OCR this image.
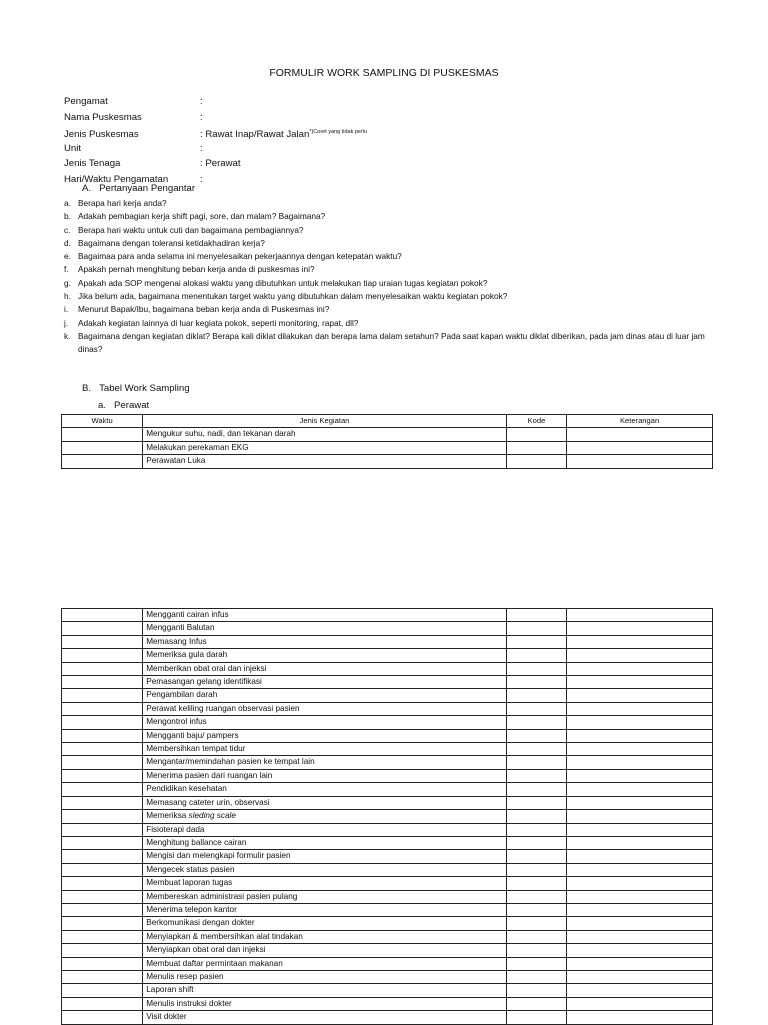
FORMULIR WORK SAMPLING DI PUSKESMAS
Pengamat	:
Nama Puskesmas	:
Jenis Puskesmas	: Rawat Inap/Rawat Jalan$^{*)Coret yang tidak perlu}$
Unit	:
Jenis Tenaga	: Perawat
Hari/Waktu Pengamatan	:
A. Pertanyaan Pengantar
a. Berapa hari kerja anda?
b. Adakah pembagian kerja shift pagi, sore, dan malam? Bagaimana?
c. Berapa hari waktu untuk cuti dan bagaimana pembagiannya?
d. Bagaimana dengan toleransi ketidakhadiran kerja?
e. Bagaimaa para anda selama ini menyelesaikan pekerjaannya dengan ketepatan waktu?
f.	Apakah pernah menghitung beban kerja anda di puskesmas ini?
g. Apakah ada SOP mengenai alokasi waktu yang dibutuhkan untuk melakukan tiap uraian tugas kegiatan pokok?
h. Jika belum ada, bagaimana menentukan target waktu yang dibutuhkan dalam menyelesaikan waktu kegiatan pokok?
i.	Menurut Bapak/Ibu, bagaimana beban kerja anda di Puskesmas ini?
j.	Adakah kegiatan lainnya di luar kegiata pokok, seperti monitoring, rapat, dll?
k. Bagaimana dengan kegiatan diklat? Berapa kali diklat dilakukan dan berapa lama dalam setahun? Pada saat kapan waktu diklat diberikan, pada jam dinas atau di luar jam dinas?
B. Tabel Work Sampling
a. Perawat
Waktu	Jenis Kegiatan	Kode	Keterangan
	Mengukur suhu, nadi, dan tekanan darah		
	Melakukan perekaman EKG		
	Perawatan Luka		
	Mengganti cairan infus		
	Mengganti Balutan		
	Memasang Infus		
	Memeriksa gula darah		
	Memberikan obat oral dan injeksi		
	Pemasangan gelang identifikasi		
	Pengambilan darah		
	Perawat keliling ruangan observasi pasien		
	Mengontrol infus		
	Mengganti baju/ pampers		
	Membersihkan tempat tidur		
	Mengantar/memindahan pasien ke tempat lain		
	Menerima pasien dari ruangan lain		
	Pendidikan kesehatan		
	Memasang cateter urin, observasi		
	Memeriksa sleding scale		
	Fisioterapi dada		
	Menghitung ballance cairan		
	Mengisi dan melengkapi formulir pasien		
	Mengecek status pasien		
	Membuat laporan tugas		
	Membereskan administrasi pasien pulang		
	Menerima telepon kantor		
	Berkomunikasi dengan dokter		
	Menyiapkan & membersihkan alat tindakan		
	Menyiapkan obat oral dan injeksi		
	Membuat daftar permintaan makanan		
	Menulis resep pasien		
	Laporan shift		
	Menulis instruksi dokter		
	Visit dokter		
